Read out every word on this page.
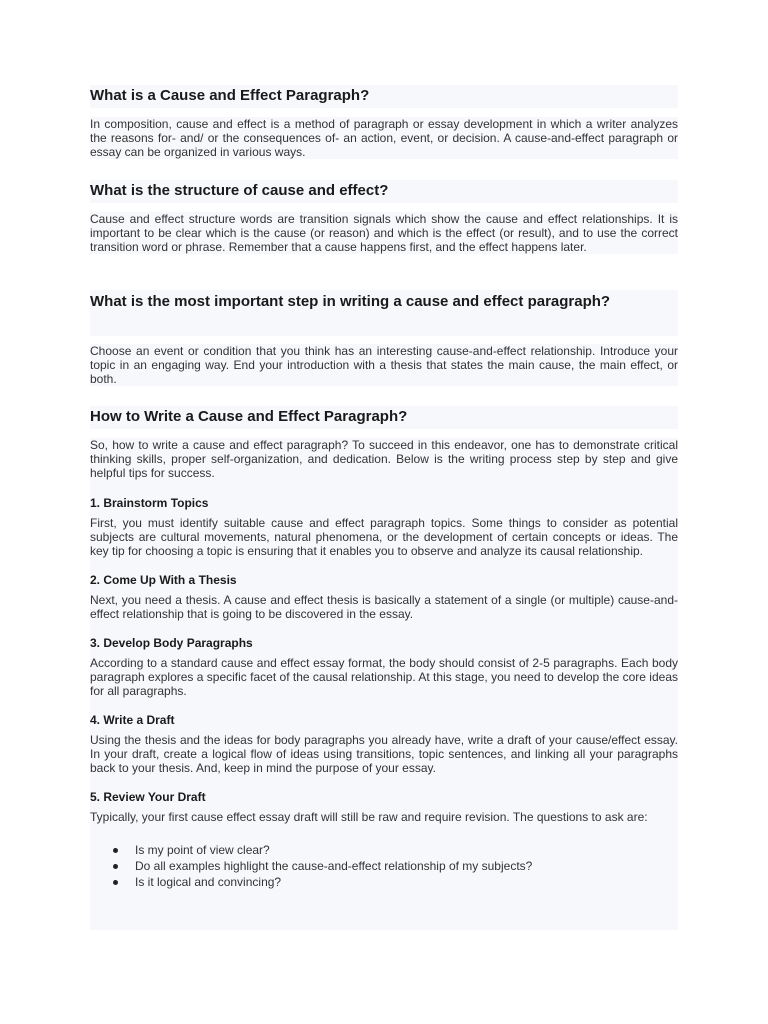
What is a Cause and Effect Paragraph?

In composition, cause and effect is a method of paragraph or essay development in which a writer analyzes the reasons for- and/ or the consequences of- an action, event, or decision. A cause-and-effect paragraph or essay can be organized in various ways.

What is the structure of cause and effect?

Cause and effect structure words are transition signals which show the cause and effect relationships. It is important to be clear which is the cause (or reason) and which is the effect (or result), and to use the correct transition word or phrase. Remember that a cause happens first, and the effect happens later.

What is the most important step in writing a cause and effect paragraph?

Choose an event or condition that you think has an interesting cause-and-effect relationship. Introduce your topic in an engaging way. End your introduction with a thesis that states the main cause, the main effect, or both.

How to Write a Cause and Effect Paragraph?

So, how to write a cause and effect paragraph? To succeed in this endeavor, one has to demonstrate critical thinking skills, proper self-organization, and dedication. Below is the writing process step by step and give helpful tips for success.

1. Brainstorm Topics

First, you must identify suitable cause and effect paragraph topics. Some things to consider as potential subjects are cultural movements, natural phenomena, or the development of certain concepts or ideas. The key tip for choosing a topic is ensuring that it enables you to observe and analyze its causal relationship.

2. Come Up With a Thesis

Next, you need a thesis. A cause and effect thesis is basically a statement of a single (or multiple) cause-and-effect relationship that is going to be discovered in the essay.

3. Develop Body Paragraphs

According to a standard cause and effect essay format, the body should consist of 2-5 paragraphs. Each body paragraph explores a specific facet of the causal relationship. At this stage, you need to develop the core ideas for all paragraphs.

4. Write a Draft

Using the thesis and the ideas for body paragraphs you already have, write a draft of your cause/effect essay. In your draft, create a logical flow of ideas using transitions, topic sentences, and linking all your paragraphs back to your thesis. And, keep in mind the purpose of your essay.

5. Review Your Draft

Typically, your first cause effect essay draft will still be raw and require revision. The questions to ask are:

Is my point of view clear?
Do all examples highlight the cause-and-effect relationship of my subjects?
Is it logical and convincing?
